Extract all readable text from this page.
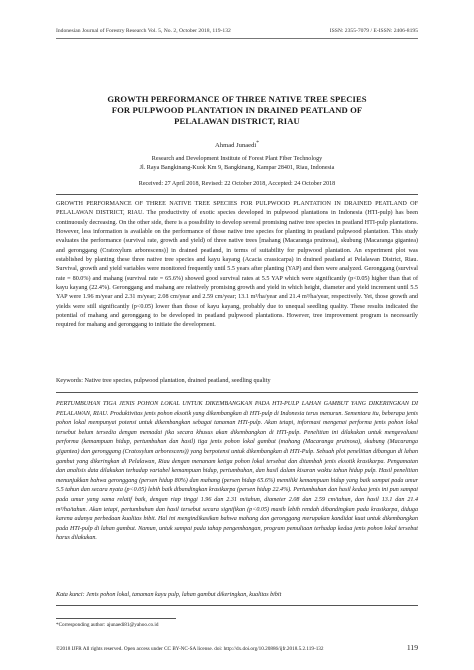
Indonesian Journal of Forestry Research Vol. 5, No. 2, October 2018, 119-132	ISSN: 2355-7079 / E-ISSN: 2406-8195
GROWTH PERFORMANCE OF THREE NATIVE TREE SPECIES
FOR PULPWOOD PLANTATION IN DRAINED PEATLAND OF
PELALAWAN DISTRICT, RIAU
Ahmad Junaedi*
Research and Development Institute of Forest Plant Fiber Technology
Jl. Raya Bangkinang-Kuok Km 9, Bangkinang, Kampar 28401, Riau, Indonesia
Received: 27 April 2018, Revised: 22 October 2018, Accepted: 24 October 2018
GROWTH PERFORMANCE OF THREE NATIVE TREE SPECIES FOR PULPWOOD PLANTATION IN DRAINED PEATLAND OF PELALAWAN DISTRICT, RIAU. The productivity of exotic species developed in pulpwood plantations in Indonesia (HTI-pulp) has been continuously decreasing. On the other side, there is a possibility to develop several promising native tree species in peatland HTI-pulp plantations. However, less information is available on the performance of those native tree species for planting in peatland pulpwood plantation. This study evaluates the performance (survival rate, growth and yield) of three native trees [mahang (Macaranga pruinosa), skubung (Macaranga gigantea) and geronggang (Cratoxylum arborescens)] in drained peatland, in terms of suitability for pulpwood plantation. An experiment plot was established by planting these three native tree species and kayu kayang (Acacia crassicarpa) in drained peatland at Pelalawan District, Riau. Survival, growth and yield variables were monitored frequently until 5.5 years after planting (YAP) and then were analyzed. Geronggang (survival rate = 80.0%) and mahang (survival rate = 65.6%) showed good survival rates at 5.5 YAP which were significantly (p<0.05) higher than that of kayu kayang (22.4%). Geronggang and mahang are relatively promising growth and yield in which height, diameter and yield increment until 5.5 YAP were 1.96 m/year and 2.31 m/year; 2.08 cm/year and 2.59 cm/year; 13.1 m³/ha/year and 21.4 m³/ha/year, respectively. Yet, those growth and yields were still significantly (p<0.05) lower than those of kayu kayang, probably due to unequal seedling quality. These results indicated the potential of mahang and geronggang to be developed in peatland pulpwood plantations. However, tree improvement program is necessarily required for mahang and geronggang to initiate the development.
Keywords: Native tree species, pulpwood plantation, drained peatland, seedling quality
PERTUMBUHAN TIGA JENIS POHON LOKAL UNTUK DIKEMBANGKAN PADA HTI-PULP LAHAN GAMBUT YANG DIKERINGKAN DI PELALAWAN, RIAU. Produktivitas jenis pohon eksotik yang dikembangkan di HTI-pulp di Indonesia terus menurun. Sementara itu, beberapa jenis pohon lokal mempunyai potensi untuk dikembangkan sebagai tanaman HTI-pulp. Akan tetapi, informasi mengenai performa jenis pohon lokal tersebut belum tersedia dengan memadai jika secara khusus akan dikembangkan di HTI-pulp. Penelitian ini dilakukan untuk mengevaluasi performa (kemampuan hidup, pertumbuhan dan hasil) tiga jenis pohon lokal gambut (mahang (Macaranga pruinosa), skubung (Macaranga gigantea) dan geronggang (Cratoxylum arborescens)) yang berpotensi untuk dikembangkan di HTI-Pulp. Sebuah plot penelitian dibangun di lahan gambut yang dikeringkan di Pelalawan, Riau dengan menanam ketiga pohon lokal tersebut dan ditambah jenis eksotik krasikarpa. Pengamatan dan analisis data dilakukan terhadap variabel kemampuan hidup, pertumbuhan, dan hasil dalam kisaran waktu tahun hidup pulp. Hasil penelitian menunjukkan bahwa geronggang (persen hidup 80%) dan mahang (persen hidup 65.6%) memiliki kemampuan hidup yang baik sampai pada umur 5.5 tahun dan secara nyata (p<0.05) lebih baik dibandingkan krasikarpa (persen hidup 22.4%). Pertumbuhan dan hasil kedua jenis ini pun sampai pada umur yang sama relatif baik, dengan riap tinggi 1.96 dan 2.31 m/tahun, diameter 2.08 dan 2.59 cm/tahun, dan hasil 13.1 dan 21.4 m³/ha/tahun. Akan tetapi, pertumbuhan dan hasil tersebut secara signifikan (p<0.05) masih lebih rendah dibandingkan pada krasikarpa, diduga karena adanya perbedaan kualitas bibit. Hal ini mengindikasikan bahwa mahang dan geronggang merupakan kandidat kuat untuk dikembangkan pada HTI-pulp di lahan gambut. Namun, untuk sampai pada tahap pengembangan, program pemuliaan terhadap kedua jenis pohon lokal tersebut harus dilakukan.
Kata kunci: Jenis pohon lokal, tanaman kayu pulp, lahan gambut dikeringkan, kualitas bibit
*Corresponding author: ajunaedi81@yahoo.co.id
©2018 IJFR All rights reserved. Open access under CC BY-NC-SA license. doi: http://dx.doi.org/10.20886/ijfr.2018.5.2.119-132	119
